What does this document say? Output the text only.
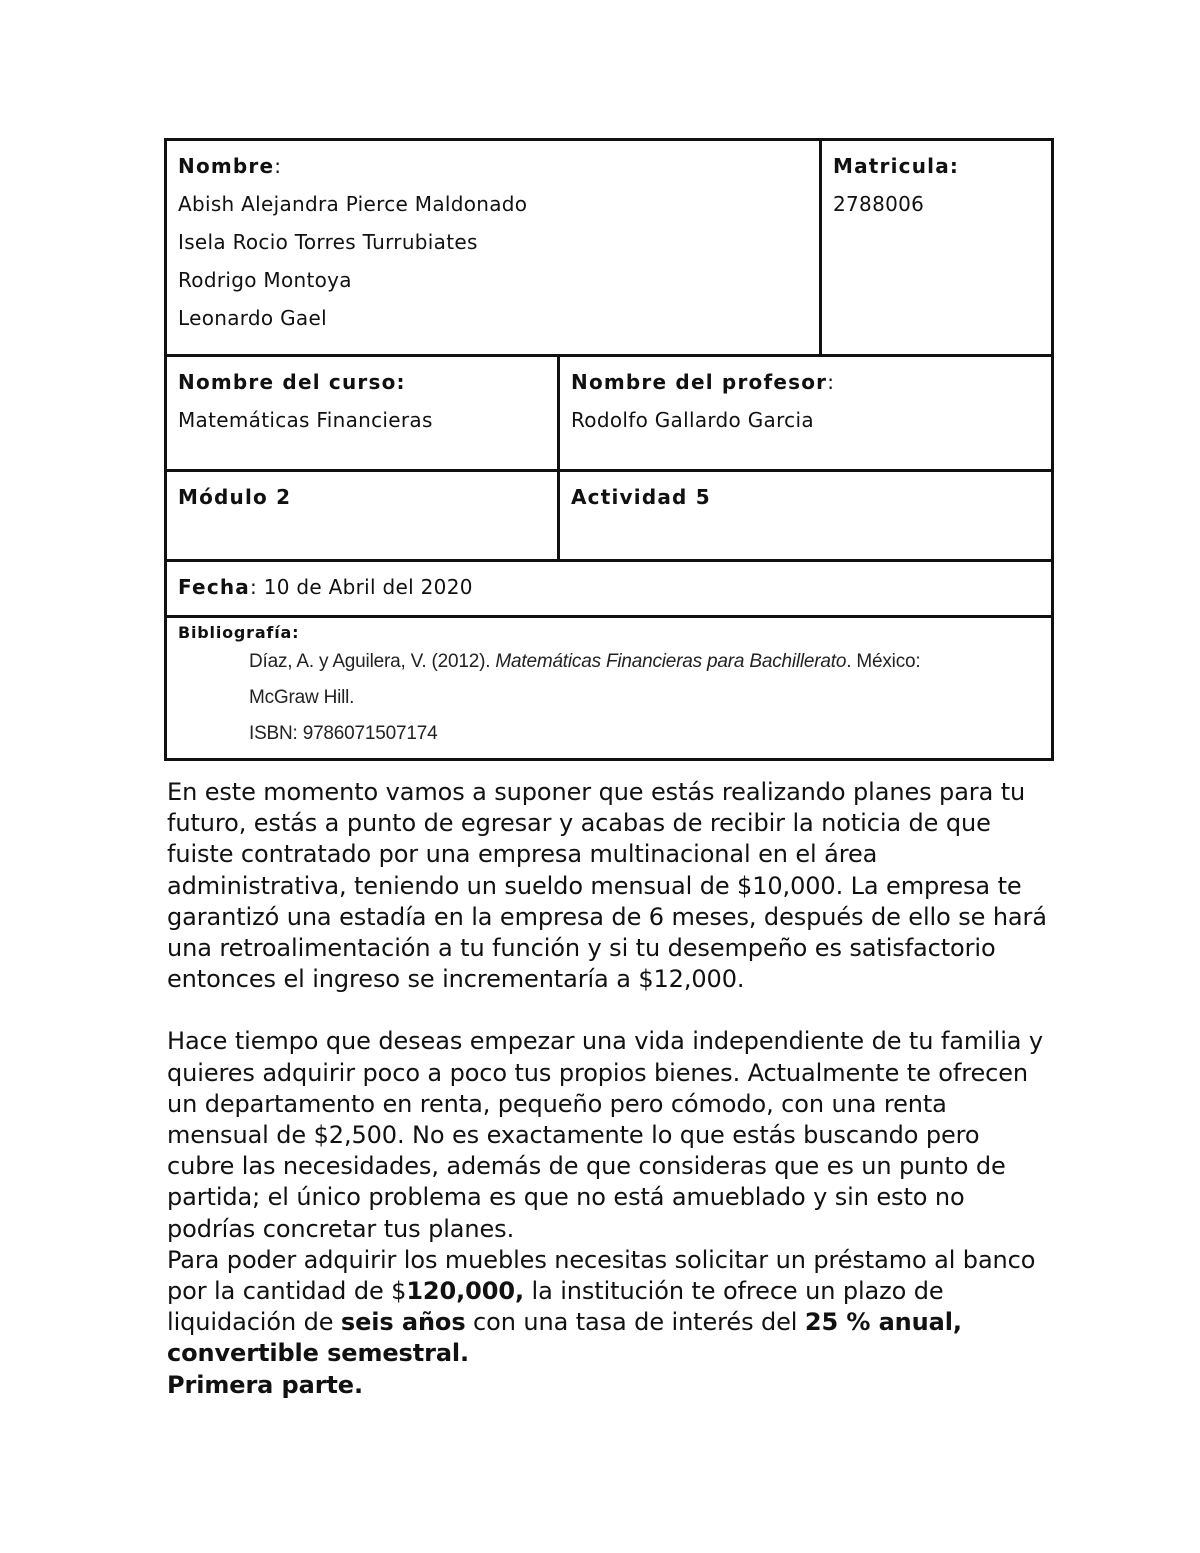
Nombre:
Abish Alejandra Pierce Maldonado
Isela Rocio Torres Turrubiates
Rodrigo Montoya
Leonardo Gael		Matricula:
2788006

Nombre del curso:
Matemáticas Financieras	Nombre del profesor:
Rodolfo Gallardo Garcia	

Módulo 2	Actividad 5	

Fecha: 10 de Abril del 2020		

Bibliografía:
Díaz, A. y Aguilera, V. (2012). Matemáticas Financieras para Bachillerato. México:
McGraw Hill.
ISBN: 9786071507174		

En este momento vamos a suponer que estás realizando planes para tu futuro, estás a punto de egresar y acabas de recibir la noticia de que fuiste contratado por una empresa multinacional en el área administrativa, teniendo un sueldo mensual de $10,000. La empresa te garantizó una estadía en la empresa de 6 meses, después de ello se hará una retroalimentación a tu función y si tu desempeño es satisfactorio entonces el ingreso se incrementaría a $12,000.

Hace tiempo que deseas empezar una vida independiente de tu familia y quieres adquirir poco a poco tus propios bienes. Actualmente te ofrecen un departamento en renta, pequeño pero cómodo, con una renta mensual de $2,500. No es exactamente lo que estás buscando pero cubre las necesidades, además de que consideras que es un punto de partida; el único problema es que no está amueblado y sin esto no podrías concretar tus planes.

Para poder adquirir los muebles necesitas solicitar un préstamo al banco por la cantidad de $120,000, la institución te ofrece un plazo de liquidación de seis años con una tasa de interés del 25 % anual, convertible semestral.

Primera parte.
